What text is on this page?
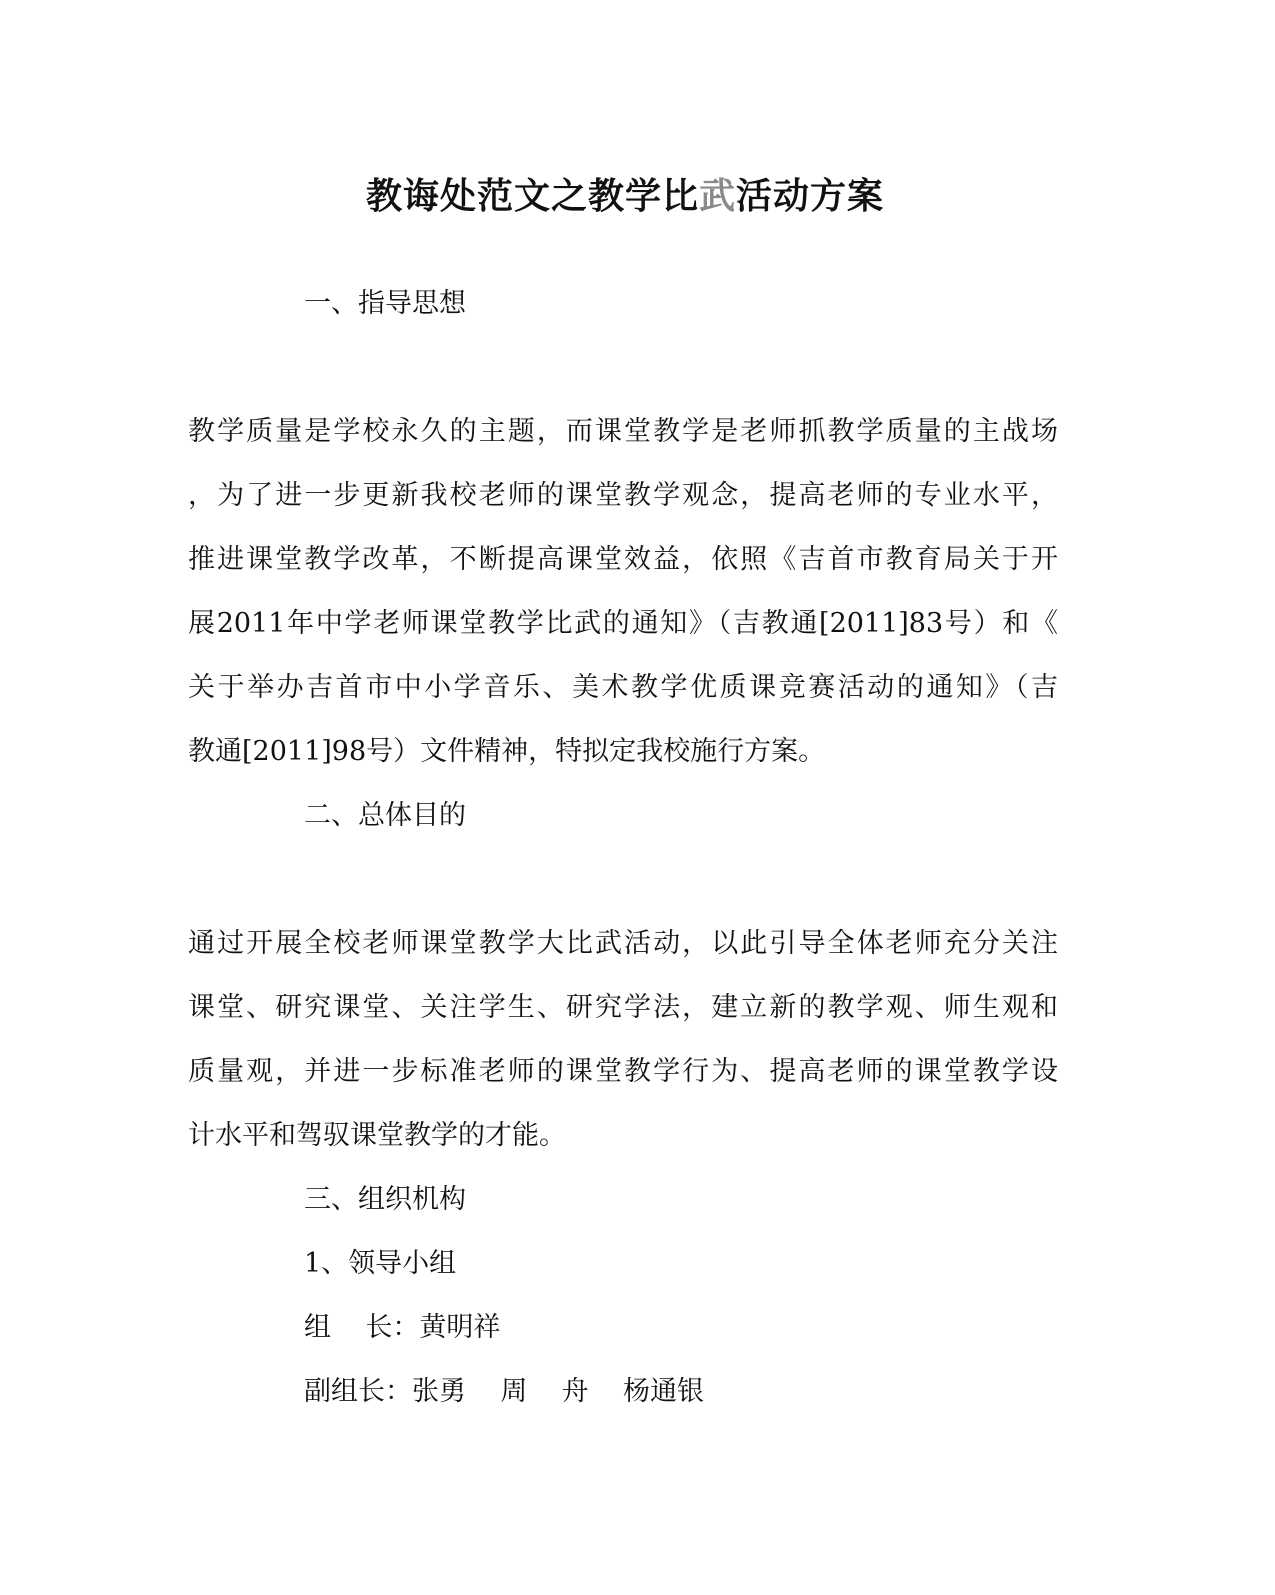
教诲处范文之教学比武活动方案
一、指导思想
教学质量是学校永久的主题，而课堂教学是老师抓教学质量的主战场
，为了进一步更新我校老师的课堂教学观念，提高老师的专业水平，
推进课堂教学改革，不断提高课堂效益，依照《吉首市教育局关于开
展2011年中学老师课堂教学比武的通知》（吉教通[2011]83号）和《
关于举办吉首市中小学音乐、美术教学优质课竞赛活动的通知》（吉
教通[2011]98号）文件精神，特拟定我校施行方案。
二、总体目的
通过开展全校老师课堂教学大比武活动，以此引导全体老师充分关注
课堂、研究课堂、关注学生、研究学法，建立新的教学观、师生观和
质量观，并进一步标准老师的课堂教学行为、提高老师的课堂教学设
计水平和驾驭课堂教学的才能。
三、组织机构
1、领导小组
组    长：黄明祥
副组长：张勇    周    舟    杨通银
